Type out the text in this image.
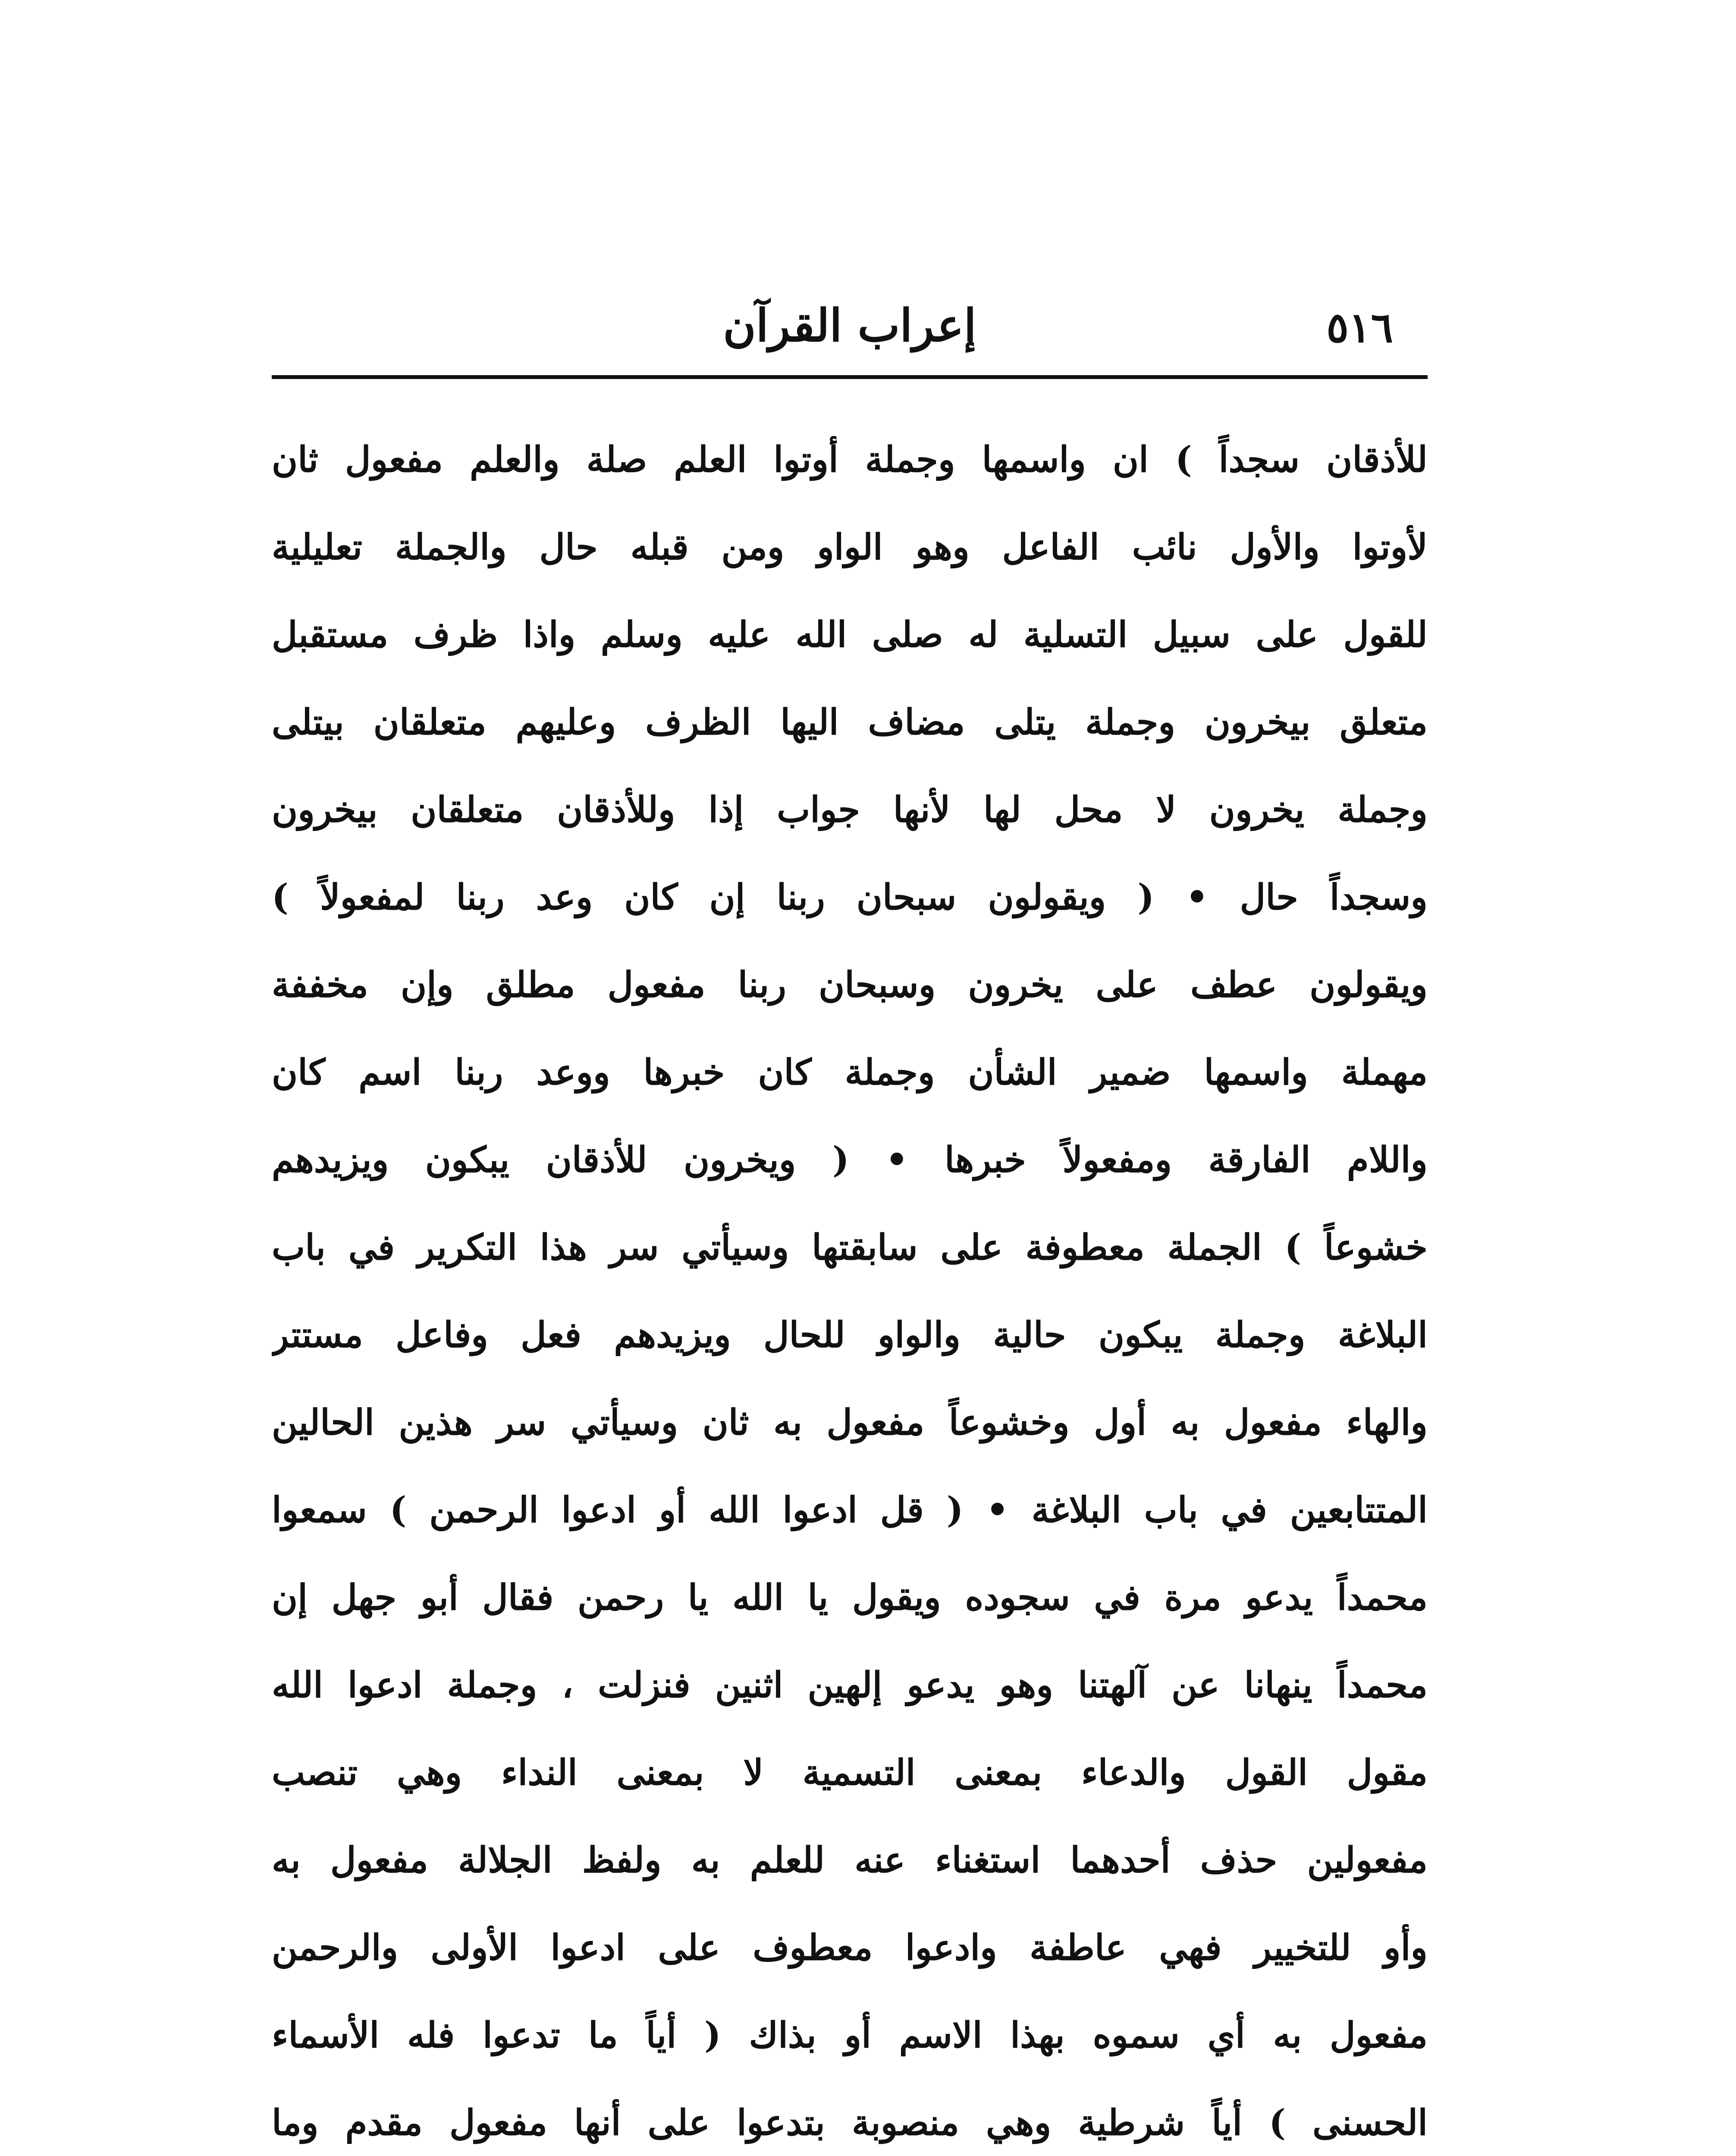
٥١٦
إعراب القرآن
للأذقان سجداً ) ان واسمها وجملة أوتوا العلم صلة والعلم مفعول ثان
لأوتوا والأول نائب الفاعل وهو الواو ومن قبله حال والجملة تعليلية
للقول على سبيل التسلية له صلى الله عليه وسلم واذا ظرف مستقبل
متعلق بيخرون وجملة يتلى مضاف اليها الظرف وعليهم متعلقان بيتلى
وجملة يخرون لا محل لها لأنها جواب إذا وللأذقان متعلقان بيخرون
وسجداً حال • ( ويقولون سبحان ربنا إن كان وعد ربنا لمفعولاً )
ويقولون عطف على يخرون وسبحان ربنا مفعول مطلق وإن مخففة
مهملة واسمها ضمير الشأن وجملة كان خبرها ووعد ربنا اسم كان
واللام الفارقة ومفعولاً خبرها • ( ويخرون للأذقان يبكون ويزيدهم
خشوعاً ) الجملة معطوفة على سابقتها وسيأتي سر هذا التكرير في باب
البلاغة وجملة يبكون حالية والواو للحال ويزيدهم فعل وفاعل مستتر
والهاء مفعول به أول وخشوعاً مفعول به ثان وسيأتي سر هذين الحالين
المتتابعين في باب البلاغة • ( قل ادعوا الله أو ادعوا الرحمن ) سمعوا
محمداً يدعو مرة في سجوده ويقول يا الله يا رحمن فقال أبو جهل إن
محمداً ينهانا عن آلهتنا وهو يدعو إلهين اثنين فنزلت ، وجملة ادعوا الله
مقول القول والدعاء بمعنى التسمية لا بمعنى النداء وهي تنصب
مفعولين حذف أحدهما استغناء عنه للعلم به ولفظ الجلالة مفعول به
وأو للتخيير فهي عاطفة وادعوا معطوف على ادعوا الأولى والرحمن
مفعول به أي سموه بهذا الاسم أو بذاك ( أياً ما تدعوا فله الأسماء
الحسنى ) أياً شرطية وهي منصوبة بتدعوا على أنها مفعول مقدم وما
